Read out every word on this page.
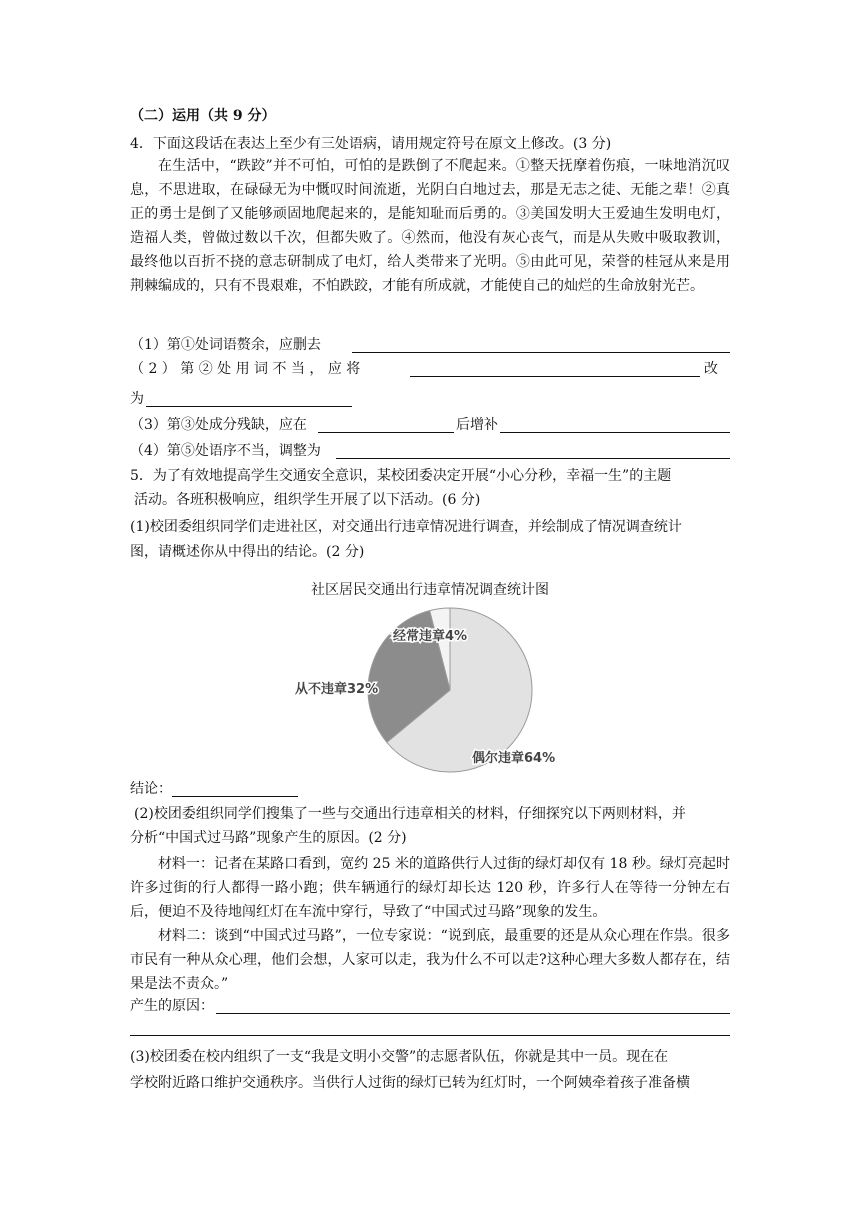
（二）运用（共 9 分）
4．下面这段话在表达上至少有三处语病，请用规定符号在原文上修改。(3 分)
在生活中，“跌跤”并不可怕，可怕的是跌倒了不爬起来。①整天抚摩着伤痕，一味地消沉叹息，不思进取，在碌碌无为中慨叹时间流逝，光阴白白地过去，那是无志之徒、无能之辈！②真正的勇士是倒了又能够顽固地爬起来的，是能知耻而后勇的。③美国发明大王爱迪生发明电灯，造福人类，曾做过数以千次，但都失败了。④然而，他没有灰心丧气，而是从失败中吸取教训，最终他以百折不挠的意志研制成了电灯，给人类带来了光明。⑤由此可见，荣誉的桂冠从来是用荆棘编成的，只有不畏艰难，不怕跌跤，才能有所成就，才能使自己的灿烂的生命放射光芒。
（1）第①处词语赘余，应删去
（ 2 ） 第 ② 处 用 词 不 当 ， 应 将	改
为
（3）第③处成分残缺，应在	后增补
（4）第⑤处语序不当，调整为
5．为了有效地提高学生交通安全意识，某校团委决定开展“小心分秒，幸福一生”的主题
活动。各班积极响应，组织学生开展了以下活动。(6 分)
(1)校团委组织同学们走进社区，对交通出行违章情况进行调查，并绘制成了情况调查统计
图，请概述你从中得出的结论。(2 分)
社区居民交通出行违章情况调查统计图
经常违章4%
偶尔违章64%
从不违章32%
结论：
(2)校团委组织同学们搜集了一些与交通出行违章相关的材料，仔细探究以下两则材料，并
分析“中国式过马路”现象产生的原因。(2 分)
材料一：记者在某路口看到，宽约 25 米的道路供行人过街的绿灯却仅有 18 秒。绿灯亮起时许多过街的行人都得一路小跑；供车辆通行的绿灯却长达 120 秒，许多行人在等待一分钟左右后，便迫不及待地闯红灯在车流中穿行，导致了“中国式过马路”现象的发生。
材料二：谈到“中国式过马路”，一位专家说：“说到底，最重要的还是从众心理在作祟。很多市民有一种从众心理，他们会想，人家可以走，我为什么不可以走?这种心理大多数人都存在，结果是法不责众。”
产生的原因：
(3)校团委在校内组织了一支“我是文明小交警”的志愿者队伍，你就是其中一员。现在在
学校附近路口维护交通秩序。当供行人过街的绿灯已转为红灯时，一个阿姨牵着孩子准备横
